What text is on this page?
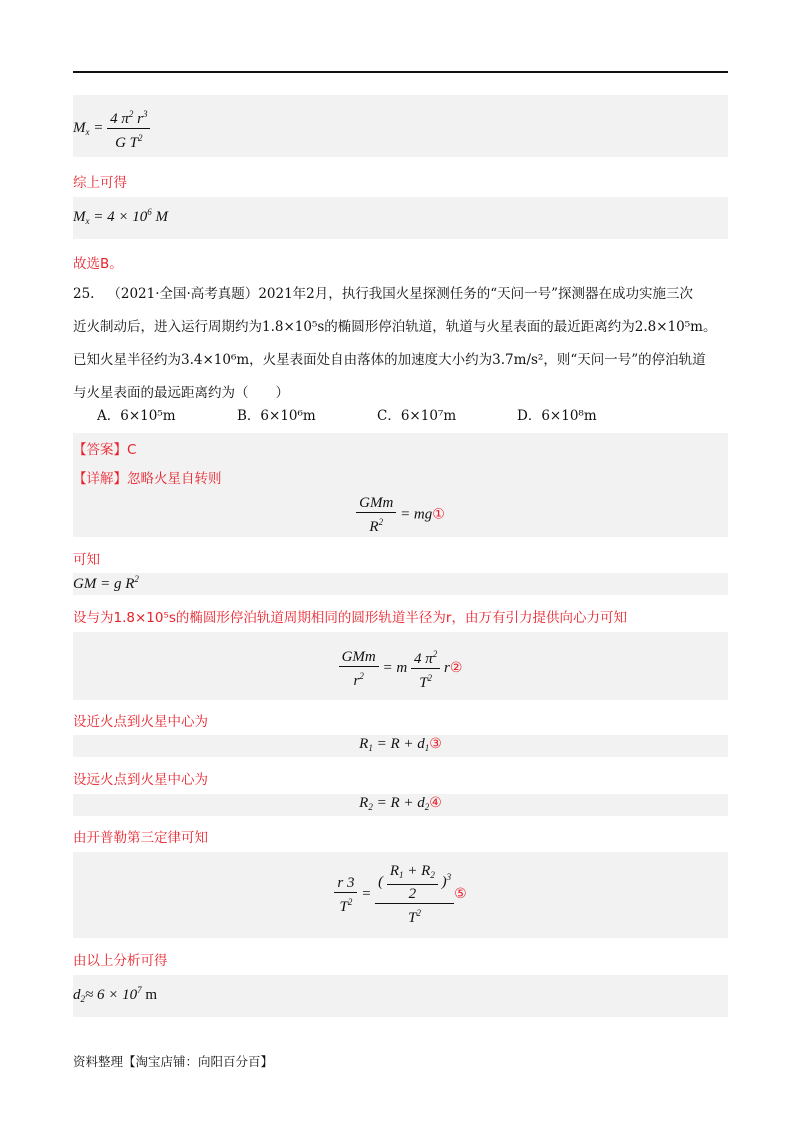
$M_x = \frac{4 \pi^2 r^3}{G T^2}$
综上可得
$M_x = 4 \times 10^6$ M
故选B。
25. （2021·全国·高考真题）2021年2月，执行我国火星探测任务的“天问一号”探测器在成功实施三次
近火制动后，进入运行周期约为1.8×10⁵s的椭圆形停泊轨道，轨道与火星表面的最近距离约为2.8×10⁵m。
已知火星半径约为3.4×10⁶m，火星表面处自由落体的加速度大小约为3.7m/s²，则“天问一号”的停泊轨道
与火星表面的最远距离约为（　　）
A．6×10⁵m	B．6×10⁶m	C．6×10⁷m	D．6×10⁸m
【答案】C
【详解】忽略火星自转则
$\frac{\text{GMm}}{R^2}$ = mg①
可知
GM = g $R^2$
设与为1.8×10⁵s的椭圆形停泊轨道周期相同的圆形轨道半径为r，由万有引力提供向心力可知
$\frac{\text{GMm}}{r^2} = m \frac{4 \pi^2}{T^2}$ r②
设近火点到火星中心为
$R_1 = R$ + $d_1③$
设远火点到火星中心为
$R_2 = R$ + $d_2④$
由开普勒第三定律可知
$\frac{r 3}{T^2} = \frac{( \frac{R_1 + R_2}{2} )^3}{T^2}$ ⑤
由以上分析可得
$d_2\approx 6 \times 10^7$ m
资料整理【淘宝店铺：向阳百分百】
